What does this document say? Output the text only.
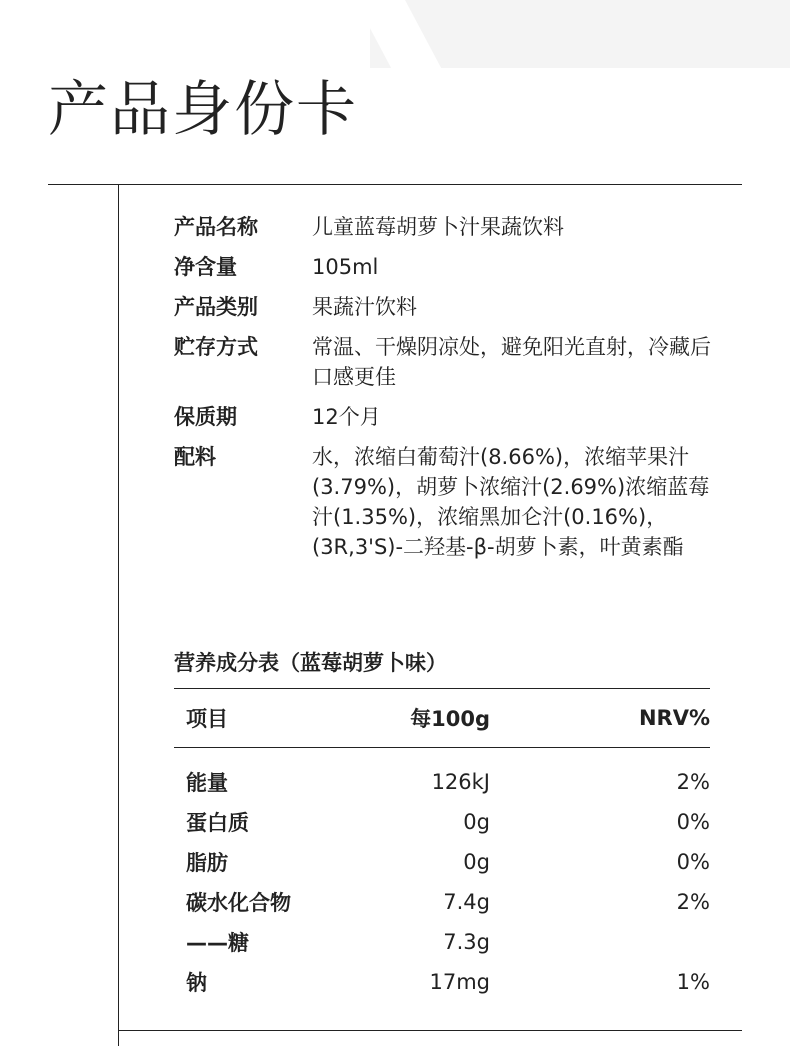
产品身份卡
产品名称	儿童蓝莓胡萝卜汁果蔬饮料
净含量	105ml
产品类别	果蔬汁饮料
贮存方式	常温、干燥阴凉处，避免阳光直射，冷藏后口感更佳
保质期	12个月
配料	水，浓缩白葡萄汁(8.66%)，浓缩苹果汁(3.79%)，胡萝卜浓缩汁(2.69%)浓缩蓝莓汁(1.35%)，浓缩黑加仑汁(0.16%)，(3R,3'S)-二羟基-β-胡萝卜素，叶黄素酯
营养成分表（蓝莓胡萝卜味）
项目	每100g	NRV%
能量	126kJ	2%
蛋白质	0g	0%
脂肪	0g	0%
碳水化合物	7.4g	2%
——糖	7.3g
钠	17mg	1%
